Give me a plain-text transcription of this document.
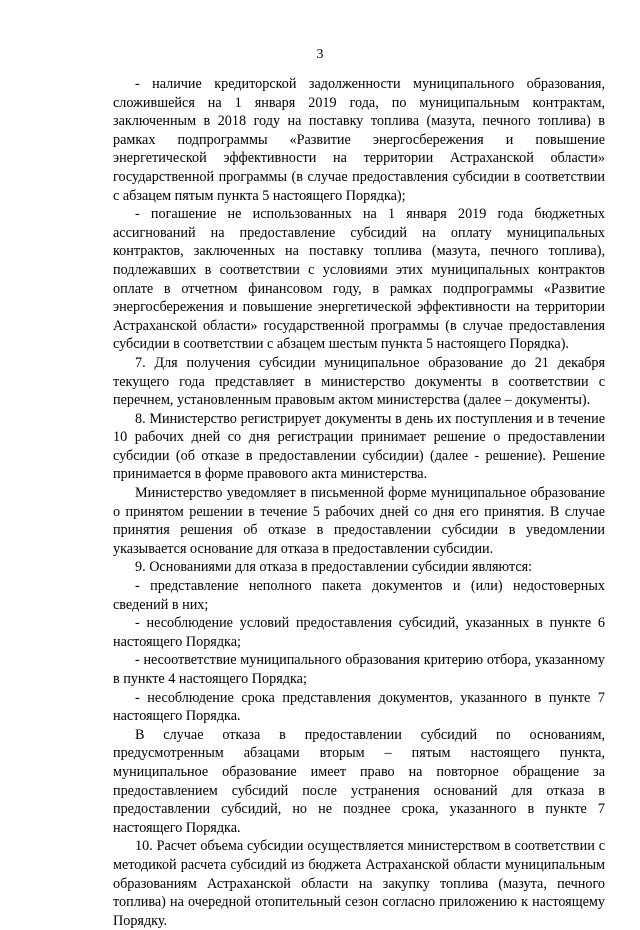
3

- наличие кредиторской задолженности муниципального образования, сложившейся на 1 января 2019 года, по муниципальным контрактам, заключенным в 2018 году на поставку топлива (мазута, печного топлива) в рамках подпрограммы «Развитие энергосбережения и повышение энергетической эффективности на территории Астраханской области» государственной программы (в случае предоставления субсидии в соответствии с абзацем пятым пункта 5 настоящего Порядка);

- погашение не использованных на 1 января 2019 года бюджетных ассигнований на предоставление субсидий на оплату муниципальных контрактов, заключенных на поставку топлива (мазута, печного топлива), подлежавших в соответствии с условиями этих муниципальных контрактов оплате в отчетном финансовом году, в рамках подпрограммы «Развитие энергосбережения и повышение энергетической эффективности на территории Астраханской области» государственной программы (в случае предоставления субсидии в соответствии с абзацем шестым пункта 5 настоящего Порядка).

7. Для получения субсидии муниципальное образование до 21 декабря текущего года представляет в министерство документы в соответствии с перечнем, установленным правовым актом министерства (далее – документы).

8. Министерство регистрирует документы в день их поступления и в течение 10 рабочих дней со дня регистрации принимает решение о предоставлении субсидии (об отказе в предоставлении субсидии) (далее - решение). Решение принимается в форме правового акта министерства.

Министерство уведомляет в письменной форме муниципальное образование о принятом решении в течение 5 рабочих дней со дня его принятия. В случае принятия решения об отказе в предоставлении субсидии в уведомлении указывается основание для отказа в предоставлении субсидии.

9. Основаниями для отказа в предоставлении субсидии являются:

- представление неполного пакета документов и (или) недостоверных сведений в них;

- несоблюдение условий предоставления субсидий, указанных в пункте 6 настоящего Порядка;

- несоответствие муниципального образования критерию отбора, указанному в пункте 4 настоящего Порядка;

- несоблюдение срока представления документов, указанного в пункте 7 настоящего Порядка.

В случае отказа в предоставлении субсидий по основаниям, предусмотренным абзацами вторым – пятым настоящего пункта, муниципальное образование имеет право на повторное обращение за предоставлением субсидий после устранения оснований для отказа в предоставлении субсидий, но не позднее срока, указанного в пункте 7 настоящего Порядка.

10. Расчет объема субсидии осуществляется министерством в соответствии с методикой расчета субсидий из бюджета Астраханской области муниципальным образованиям Астраханской области на закупку топлива (мазута, печного топлива) на очередной отопительный сезон согласно приложению к настоящему Порядку.
